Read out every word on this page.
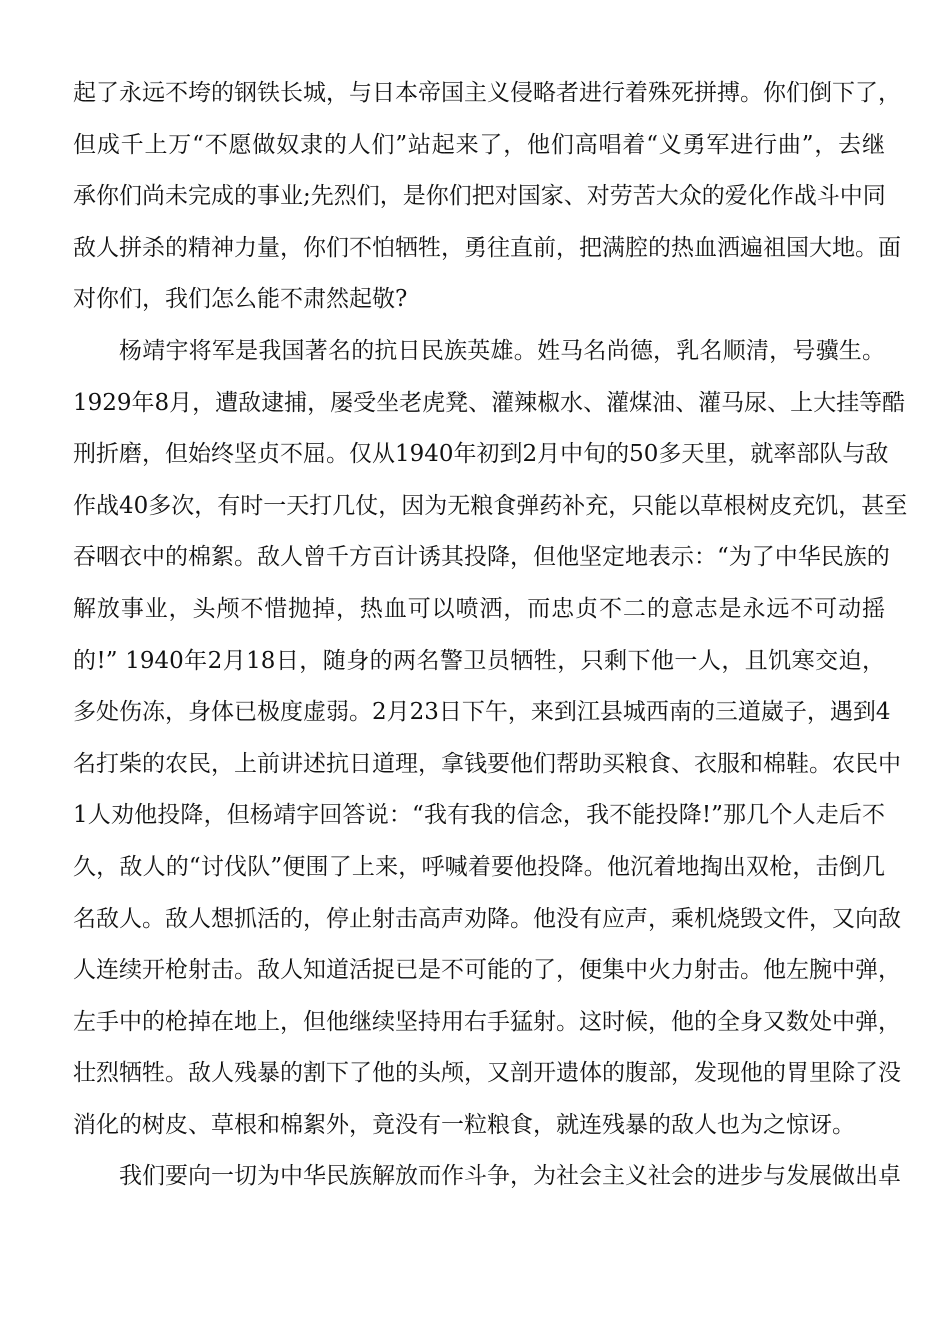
起了永远不垮的钢铁长城，与日本帝国主义侵略者进行着殊死拼搏。你们倒下了，
但成千上万“不愿做奴隶的人们”站起来了，他们高唱着“义勇军进行曲”，去继
承你们尚未完成的事业;先烈们，是你们把对国家、对劳苦大众的爱化作战斗中同
敌人拼杀的精神力量，你们不怕牺牲，勇往直前，把满腔的热血洒遍祖国大地。面
对你们，我们怎么能不肃然起敬?
杨靖宇将军是我国著名的抗日民族英雄。姓马名尚德，乳名顺清，号骥生。
1929年8月，遭敌逮捕，屡受坐老虎凳、灌辣椒水、灌煤油、灌马尿、上大挂等酷
刑折磨，但始终坚贞不屈。仅从1940年初到2月中旬的50多天里，就率部队与敌
作战40多次，有时一天打几仗，因为无粮食弹药补充，只能以草根树皮充饥，甚至
吞咽衣中的棉絮。敌人曾千方百计诱其投降，但他坚定地表示：“为了中华民族的
解放事业，头颅不惜抛掉，热血可以喷洒，而忠贞不二的意志是永远不可动摇
的!” 1940年2月18日，随身的两名警卫员牺牲，只剩下他一人，且饥寒交迫，
多处伤冻，身体已极度虚弱。2月23日下午，来到江县城西南的三道崴子，遇到4
名打柴的农民，上前讲述抗日道理，拿钱要他们帮助买粮食、衣服和棉鞋。农民中
1人劝他投降，但杨靖宇回答说：“我有我的信念，我不能投降!”那几个人走后不
久，敌人的“讨伐队”便围了上来，呼喊着要他投降。他沉着地掏出双枪，击倒几
名敌人。敌人想抓活的，停止射击高声劝降。他没有应声，乘机烧毁文件，又向敌
人连续开枪射击。敌人知道活捉已是不可能的了，便集中火力射击。他左腕中弹，
左手中的枪掉在地上，但他继续坚持用右手猛射。这时候，他的全身又数处中弹，
壮烈牺牲。敌人残暴的割下了他的头颅，又剖开遗体的腹部，发现他的胃里除了没
消化的树皮、草根和棉絮外，竟没有一粒粮食，就连残暴的敌人也为之惊讶。
我们要向一切为中华民族解放而作斗争，为社会主义社会的进步与发展做出卓
